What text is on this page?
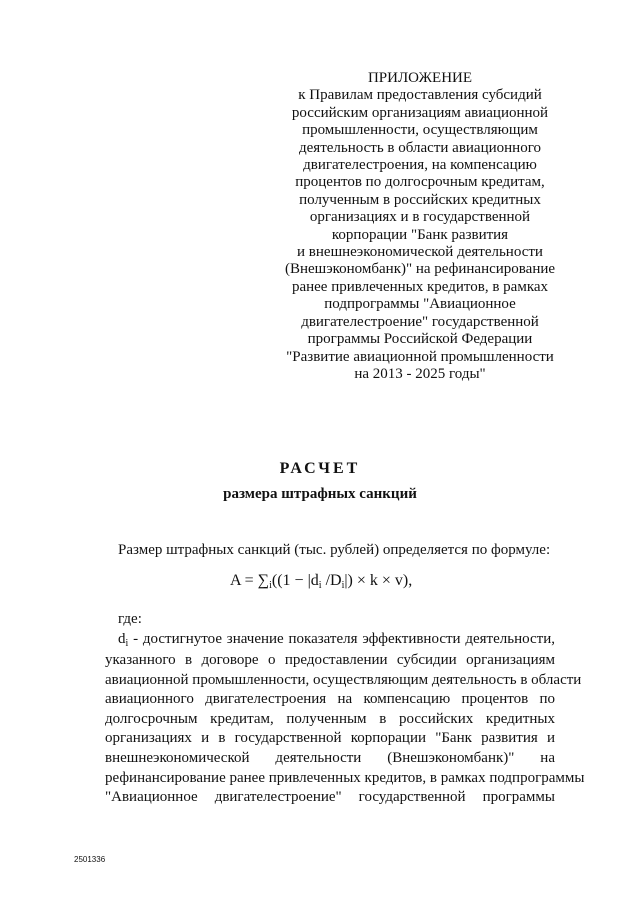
ПРИЛОЖЕНИЕ
к Правилам предоставления субсидий
российским организациям авиационной
промышленности, осуществляющим
деятельность в области авиационного
двигателестроения, на компенсацию
процентов по долгосрочным кредитам,
полученным в российских кредитных
организациях и в государственной
корпорации "Банк развития
и внешнеэкономической деятельности
(Внешэкономбанк)" на рефинансирование
ранее привлеченных кредитов, в рамках
подпрограммы "Авиационное
двигателестроение" государственной
программы Российской Федерации
"Развитие авиационной промышленности
на 2013 - 2025 годы"
РАСЧЕТ
размера штрафных санкций
Размер штрафных санкций (тыс. рублей) определяется по формуле:
$A = \sum_i((1 - |d_i$ $/D_i|) \times k \times v$),
где:
$d_i$ - достигнутое значение показателя эффективности деятельности,
указанного в договоре о предоставлении субсидии организациям
авиационной промышленности, осуществляющим деятельность в области
авиационного двигателестроения на компенсацию процентов по
долгосрочным кредитам, полученным в российских кредитных
организациях и в государственной корпорации "Банк развития и
внешнеэкономической деятельности (Внешэкономбанк)" на
рефинансирование ранее привлеченных кредитов, в рамках подпрограммы
"Авиационное двигателестроение" государственной программы
2501336
